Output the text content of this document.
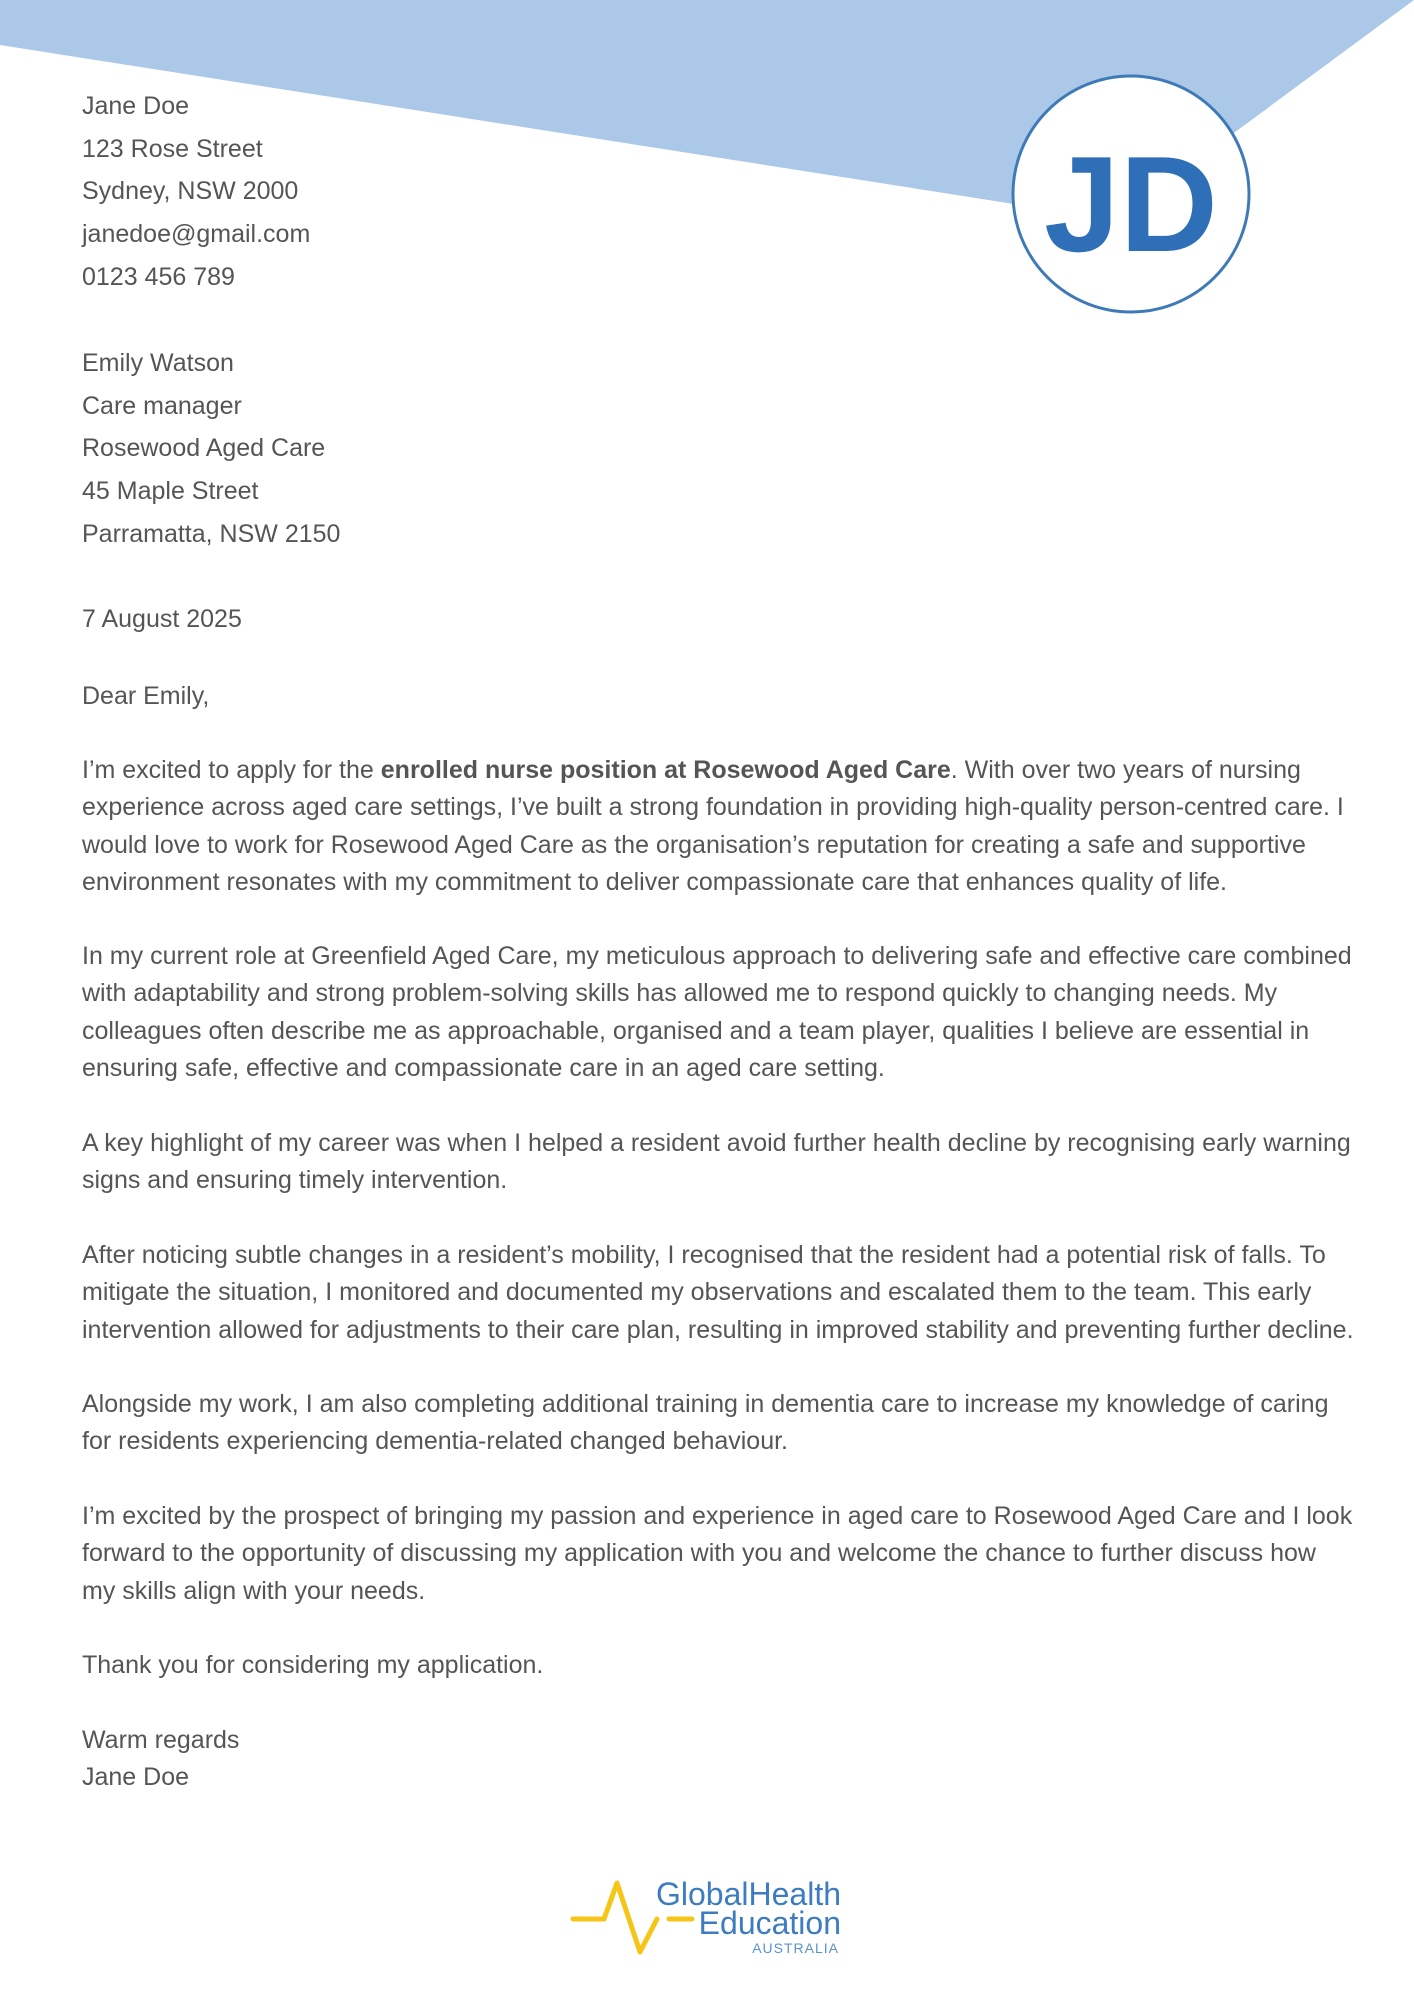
JD
Jane Doe
123 Rose Street
Sydney, NSW 2000
janedoe@gmail.com
0123 456 789
Emily Watson
Care manager
Rosewood Aged Care
45 Maple Street
Parramatta, NSW 2150
7 August 2025
Dear Emily,
I’m excited to apply for the enrolled nurse position at Rosewood Aged Care. With over two years of nursing
experience across aged care settings, I’ve built a strong foundation in providing high-quality person-centred care. I
would love to work for Rosewood Aged Care as the organisation’s reputation for creating a safe and supportive
environment resonates with my commitment to deliver compassionate care that enhances quality of life.
In my current role at Greenfield Aged Care, my meticulous approach to delivering safe and effective care combined
with adaptability and strong problem-solving skills has allowed me to respond quickly to changing needs. My
colleagues often describe me as approachable, organised and a team player, qualities I believe are essential in
ensuring safe, effective and compassionate care in an aged care setting.
A key highlight of my career was when I helped a resident avoid further health decline by recognising early warning
signs and ensuring timely intervention.
After noticing subtle changes in a resident’s mobility, I recognised that the resident had a potential risk of falls. To
mitigate the situation, I monitored and documented my observations and escalated them to the team. This early
intervention allowed for adjustments to their care plan, resulting in improved stability and preventing further decline.
Alongside my work, I am also completing additional training in dementia care to increase my knowledge of caring
for residents experiencing dementia-related changed behaviour.
I’m excited by the prospect of bringing my passion and experience in aged care to Rosewood Aged Care and I look
forward to the opportunity of discussing my application with you and welcome the chance to further discuss how
my skills align with your needs.
Thank you for considering my application.
Warm regards
Jane Doe
GlobalHealth
Education
AUSTRALIA
